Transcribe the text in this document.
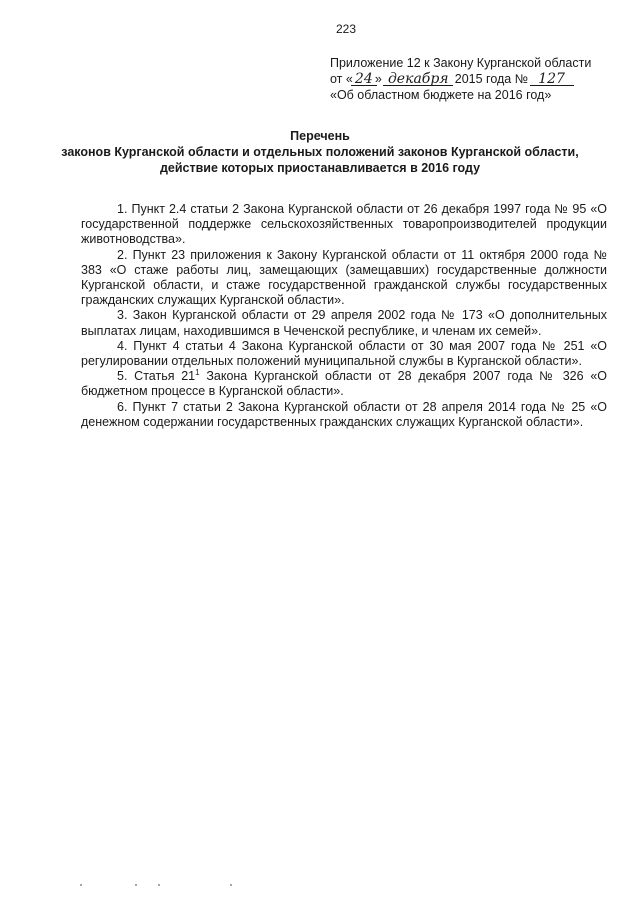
223
Приложение 12 к Закону Курганской области
от « 24 » декабря 2015 года № 127
«Об областном бюджете на 2016 год»
Перечень
законов Курганской области и отдельных положений законов Курганской области, действие которых приостанавливается в 2016 году

1. Пункт 2.4 статьи 2 Закона Курганской области от 26 декабря 1997 года № 95 «О государственной поддержке сельскохозяйственных товаропроизводителей продукции животноводства».

2. Пункт 23 приложения к Закону Курганской области от 11 октября 2000 года № 383 «О стаже работы лиц, замещающих (замещавших) государственные должности Курганской области, и стаже государственной гражданской службы государственных гражданских служащих Курганской области».

3. Закон Курганской области от 29 апреля 2002 года № 173 «О дополнительных выплатах лицам, находившимся в Чеченской республике, и членам их семей».

4. Пункт 4 статьи 4 Закона Курганской области от 30 мая 2007 года № 251 «О регулировании отдельных положений муниципальной службы в Курганской области».

5. Статья $21^1$ Закона Курганской области от 28 декабря 2007 года № 326 «О бюджетном процессе в Курганской области».

6. Пункт 7 статьи 2 Закона Курганской области от 28 апреля 2014 года № 25 «О денежном содержании государственных гражданских служащих Курганской области».
